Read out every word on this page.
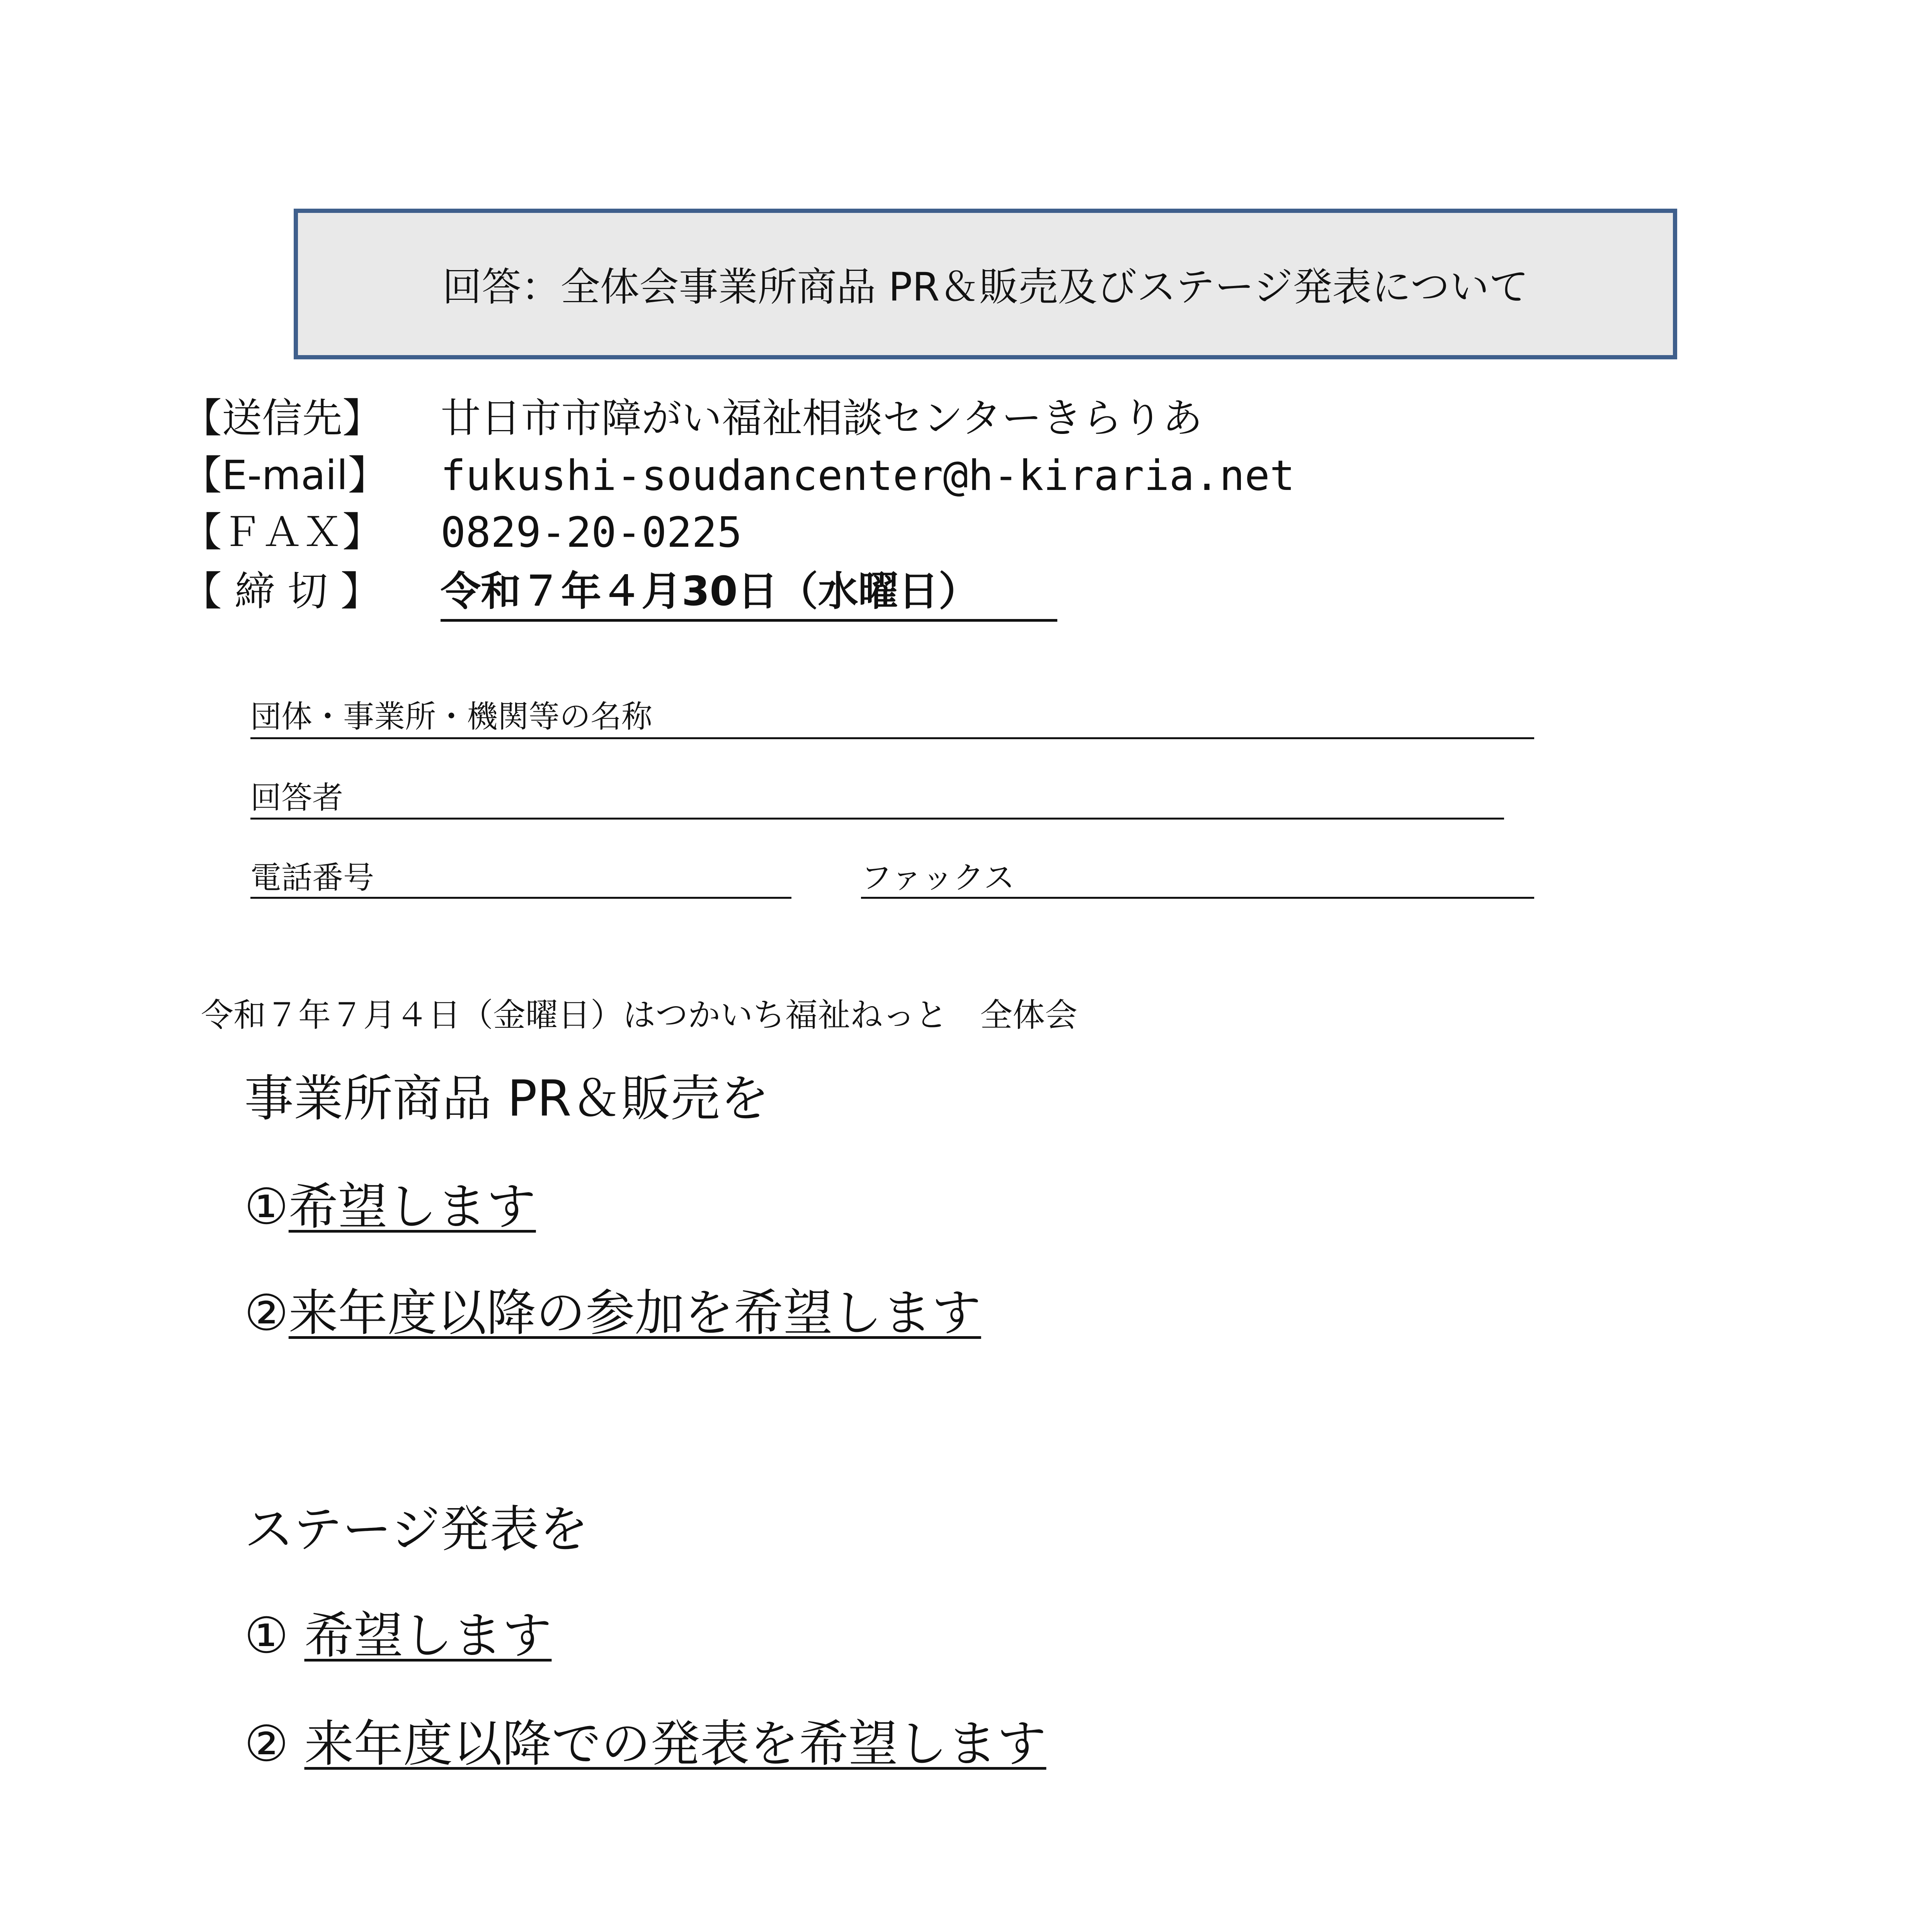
回答：全体会事業所商品 PR＆販売及びステージ発表について
【送信先】 廿日市市障がい福祉相談センターきらりあ
【E-mail】 fukushi-soudancenter@h-kiraria.net
【ＦＡＸ】 0829-20-0225
【 締 切 】 令和７年４月30日（水曜日）
団体・事業所・機関等の名称
回答者
電話番号	ファックス
令和７年７月４日（金曜日）はつかいち福祉ねっと　全体会
事業所商品 PR＆販売を
①希望します
②来年度以降の参加を希望します
ステージ発表を
① 希望します
② 来年度以降での発表を希望します
